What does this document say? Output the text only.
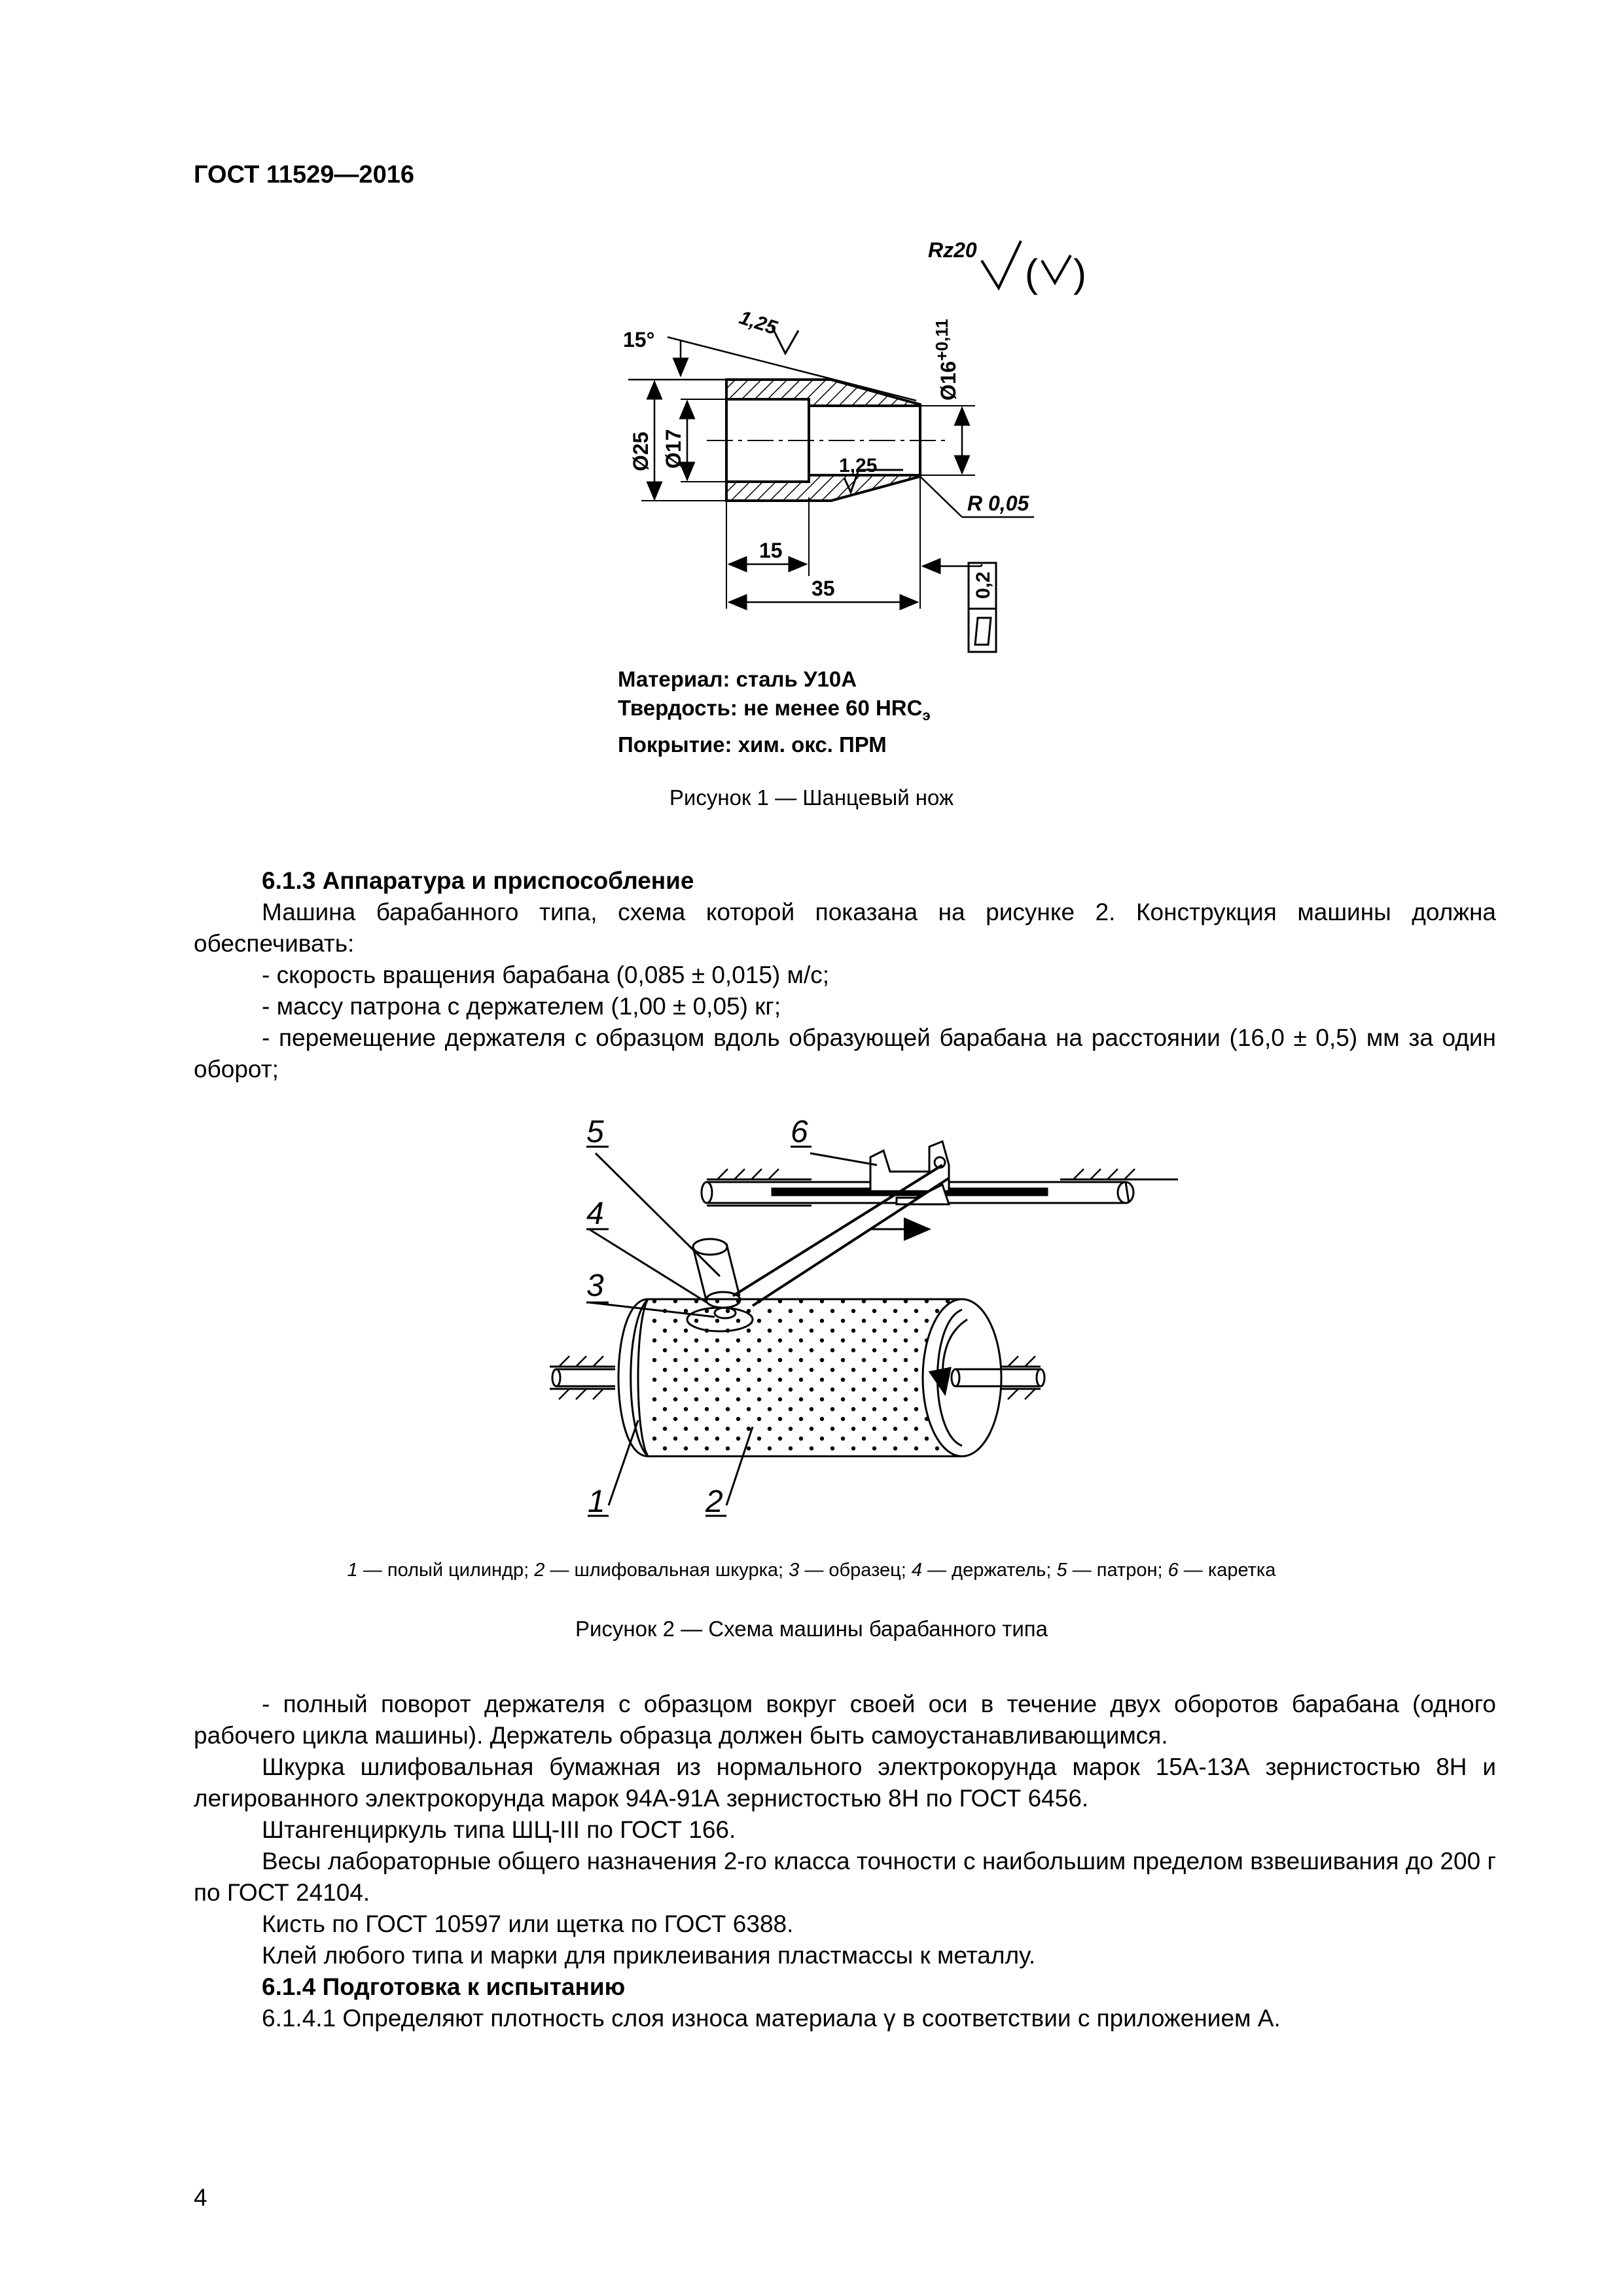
ГОСТ 11529—2016
Rz20
( )
15°
1,25
1,25
Ø25 Ø17
$Ø16^{+0,11}$
R 0,05
15
35	0,2
Материал: сталь У10А
Твердость: не менее 60 $HRC_э$
Покрытие: хим. окс. ПРМ
Рисунок 1 — Шанцевый нож
6.1.3 Аппаратура и приспособление
Машина барабанного типа, схема которой показана на рисунке 2. Конструкция машины должна обеспечивать:
- скорость вращения барабана (0,085 ± 0,015) м/с;
- массу патрона с держателем (1,00 ± 0,05) кг;
- перемещение держателя с образцом вдоль образующей барабана на расстоянии (16,0 ± 0,5) мм за один оборот;
5	6
4
3
1	2
1 — полый цилиндр; 2 — шлифовальная шкурка; 3 — образец; 4 — держатель; 5 — патрон; 6 — каретка
Рисунок 2 — Схема машины барабанного типа
- полный поворот держателя с образцом вокруг своей оси в течение двух оборотов барабана (одного рабочего цикла машины). Держатель образца должен быть самоустанавливающимся.
Шкурка шлифовальная бумажная из нормального электрокорунда марок 15А-13А зернистостью 8Н и легированного электрокорунда марок 94А-91А зернистостью 8Н по ГОСТ 6456.
Штангенциркуль типа ШЦ-III по ГОСТ 166.
Весы лабораторные общего назначения 2-го класса точности с наибольшим пределом взвешивания до 200 г по ГОСТ 24104.
Кисть по ГОСТ 10597 или щетка по ГОСТ 6388.
Клей любого типа и марки для приклеивания пластмассы к металлу.
6.1.4 Подготовка к испытанию
6.1.4.1 Определяют плотность слоя износа материала γ в соответствии с приложением А.
4
